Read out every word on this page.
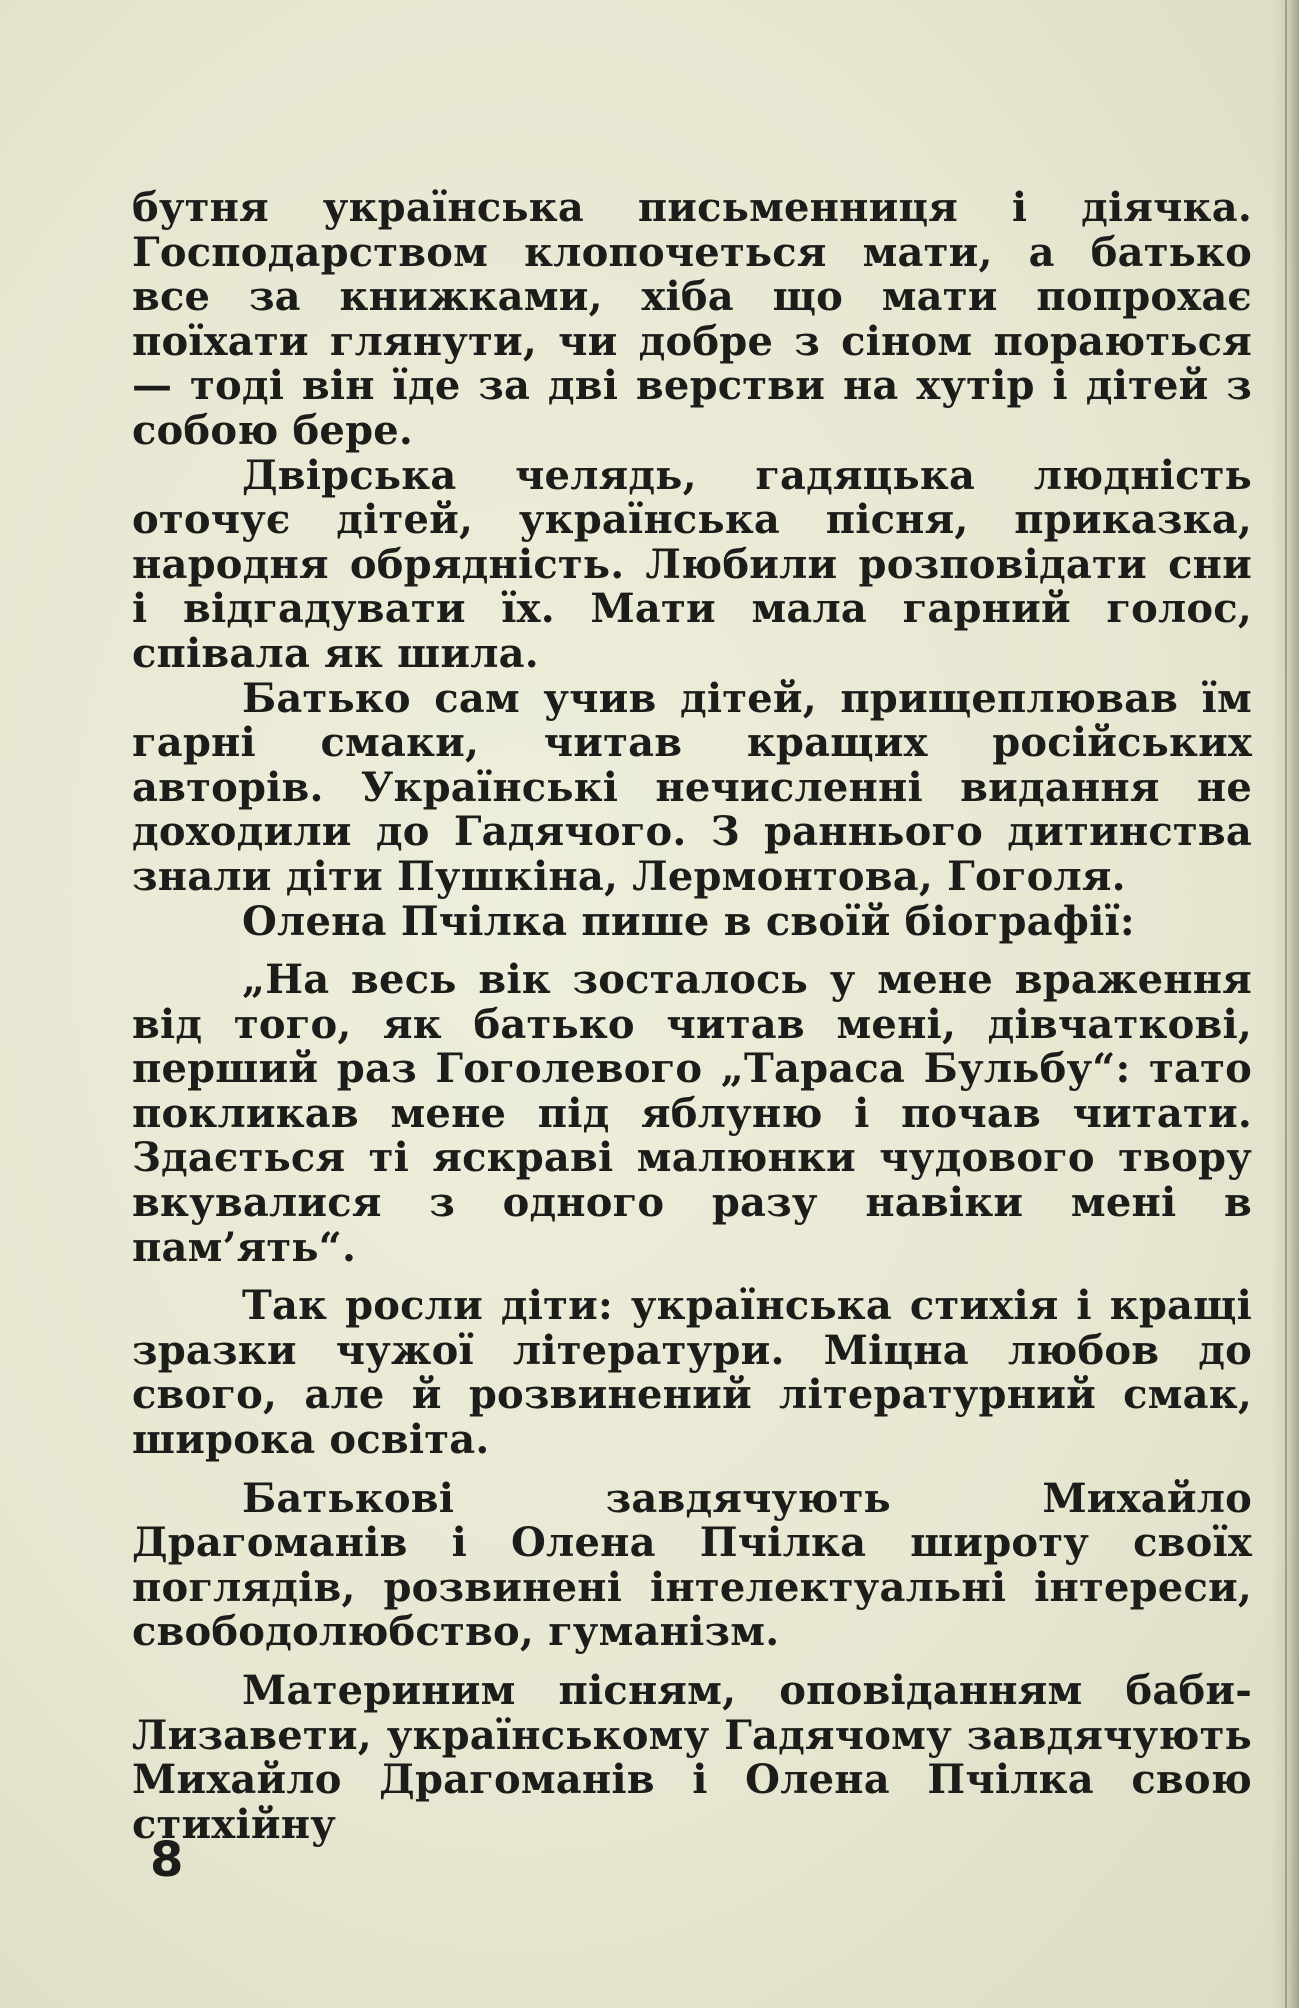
бутня українська письменниця і діячка. Господарством клопочеться мати, а батько все за книжками, хіба що мати попрохає поїхати глянути, чи добре з сіном пораються — тоді він їде за дві верстви на хутір і дітей з собою бере.

Двірська челядь, гадяцька людність оточує дітей, українська пісня, приказка, народня обрядність. Любили розповідати сни і відгадувати їх. Мати мала гарний голос, співала як шила.

Батько сам учив дітей, прищеплював їм гарні смаки, читав кращих російських авторів. Українські нечисленні видання не доходили до Гадячого. З раннього дитинства знали діти Пушкіна, Лермонтова, Гоголя.

Олена Пчілка пише в своїй біографії:

„На весь вік зосталось у мене враження від того, як батько читав мені, дівчаткові, перший раз Гоголевого „Тараса Бульбу“: тато покликав мене під яблуню і почав читати. Здається ті яскраві малюнки чудового твору вкувалися з одного разу навіки мені в пам’ять“.

Так росли діти: українська стихія і кращі зразки чужої літератури. Міцна любов до свого, але й розвинений літературний смак, широка освіта.

Батькові завдячують Михайло Драгоманів і Олена Пчілка широту своїх поглядів, розвинені інтелектуальні інтереси, свободолюбство, гуманізм.

Материним пісням, оповіданням баби-Лизавети, українському Гадячому завдячують Михайло Драгоманів і Олена Пчілка свою стихійну

8
